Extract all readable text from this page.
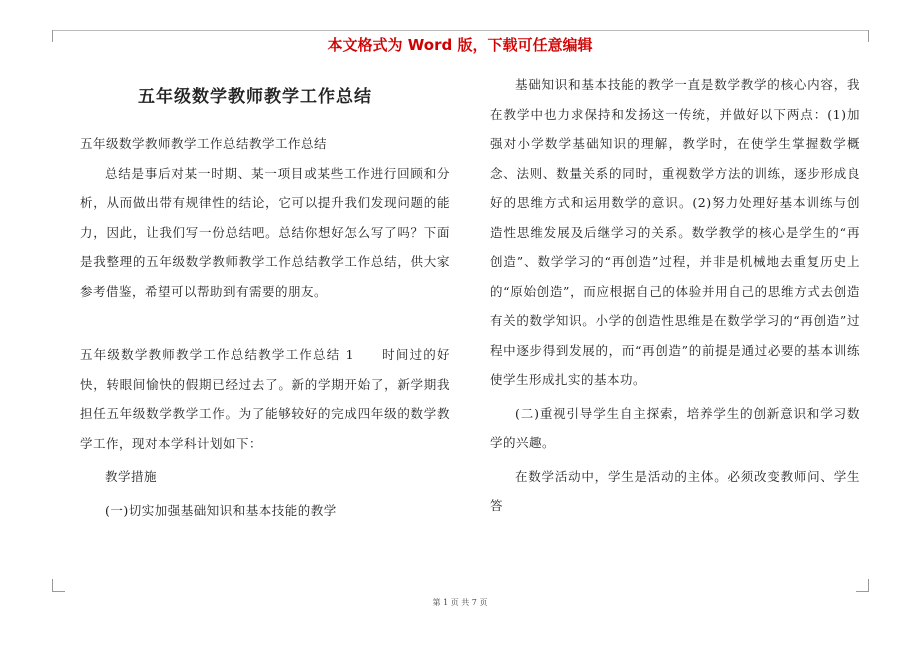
本文格式为 Word 版，下载可任意编辑
五年级数学教师教学工作总结

五年级数学教师教学工作总结教学工作总结

总结是事后对某一时期、某一项目或某些工作进行回顾和分析，从而做出带有规律性的结论，它可以提升我们发现问题的能力，因此，让我们写一份总结吧。总结你想好怎么写了吗？下面是我整理的五年级数学教师教学工作总结教学工作总结，供大家参考借鉴，希望可以帮助到有需要的朋友。

五年级数学教师教学工作总结教学工作总结 1　　时间过的好快，转眼间愉快的假期已经过去了。新的学期开始了，新学期我担任五年级数学教学工作。为了能够较好的完成四年级的数学教学工作，现对本学科计划如下：

教学措施

(一)切实加强基础知识和基本技能的教学

基础知识和基本技能的教学一直是数学教学的核心内容，我在教学中也力求保持和发扬这一传统，并做好以下两点：(1)加强对小学数学基础知识的理解，教学时，在使学生掌握数学概念、法则、数量关系的同时，重视数学方法的训练，逐步形成良好的思维方式和运用数学的意识。(2)努力处理好基本训练与创造性思维发展及后继学习的关系。数学教学的核心是学生的“再创造”、数学学习的“再创造”过程，并非是机械地去重复历史上的“原始创造”，而应根据自己的体验并用自己的思维方式去创造有关的数学知识。小学的创造性思维是在数学学习的“再创造”过程中逐步得到发展的，而“再创造”的前提是通过必要的基本训练使学生形成扎实的基本功。

(二)重视引导学生自主探索，培养学生的创新意识和学习数学的兴趣。

在数学活动中，学生是活动的主体。必须改变教师问、学生答

第 1 页 共 7 页
